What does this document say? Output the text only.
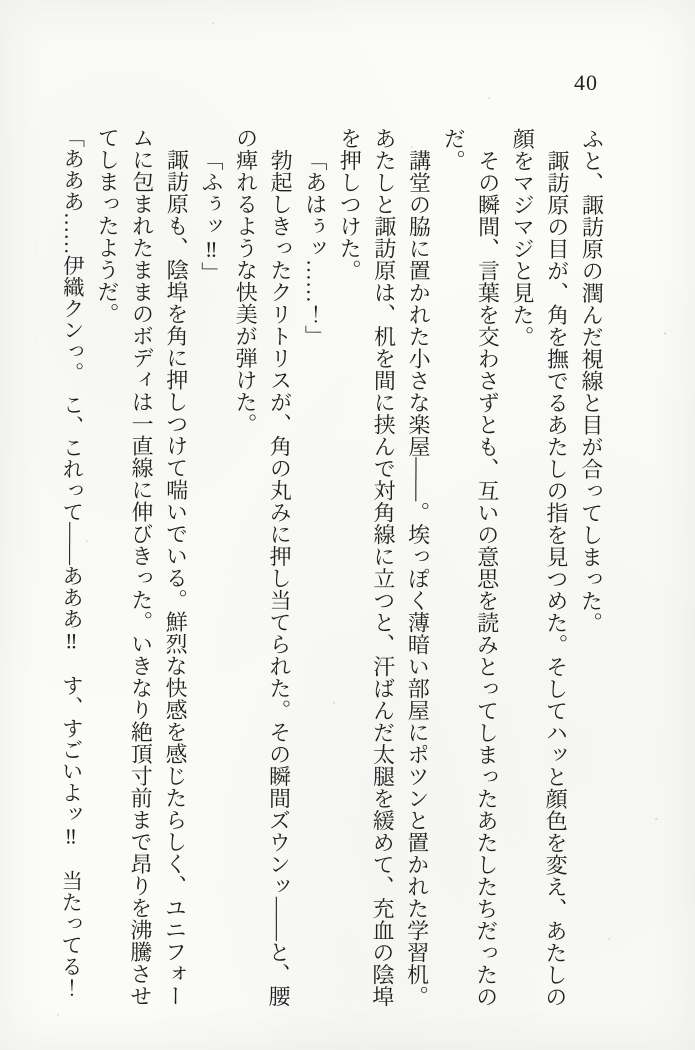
40

ふと、諏訪原の潤んだ視線と目が合ってしまった。

諏訪原の目が、角を撫でるあたしの指を見つめた。そしてハッと顔色を変え、あたしの顔をマジマジと見た。

その瞬間、言葉を交わさずとも、互いの意思を読みとってしまったあたしたちだったのだ。

講堂の脇に置かれた小さな楽屋――。埃っぽく薄暗い部屋にポツンと置かれた学習机。あたしと諏訪原は、机を間に挟んで対角線に立つと、汗ばんだ太腿を緩めて、充血の陰埠を押しつけた。

「あはぅッ……！」

勃起しきったクリトリスが、角の丸みに押し当てられた。その瞬間ズウンッ――と、腰の痺れるような快美が弾けた。

「ふぅッ‼」

諏訪原も、陰埠を角に押しつけて喘いでいる。鮮烈な快感を感じたらしく、ユニフォームに包まれたままのボディは一直線に伸びきった。いきなり絶頂寸前まで昂りを沸騰させてしまったようだ。

「あああ……伊織クンっ。　こ、これって――あああ‼　す、すごいよッ‼　当たってる！
